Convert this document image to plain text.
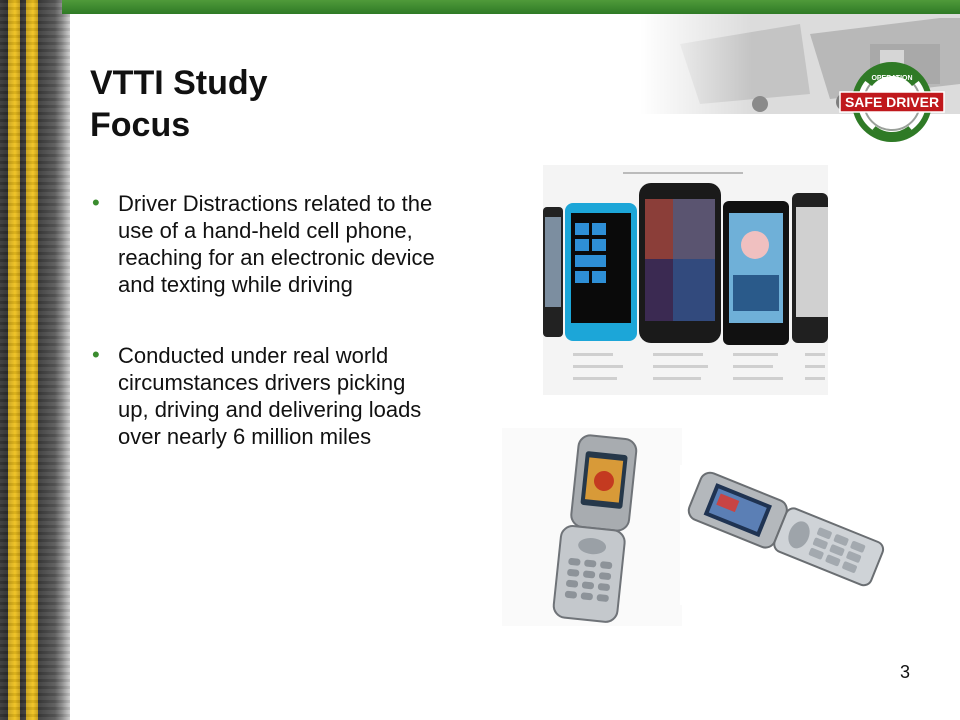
OPERATION
SAFE DRIVER
VTTI Study
Focus
• Driver Distractions related to the use of a hand-held cell phone, reaching for an electronic device and texting while driving
• Conducted under real world circumstances drivers picking up, driving and delivering loads over nearly 6 million miles
3
